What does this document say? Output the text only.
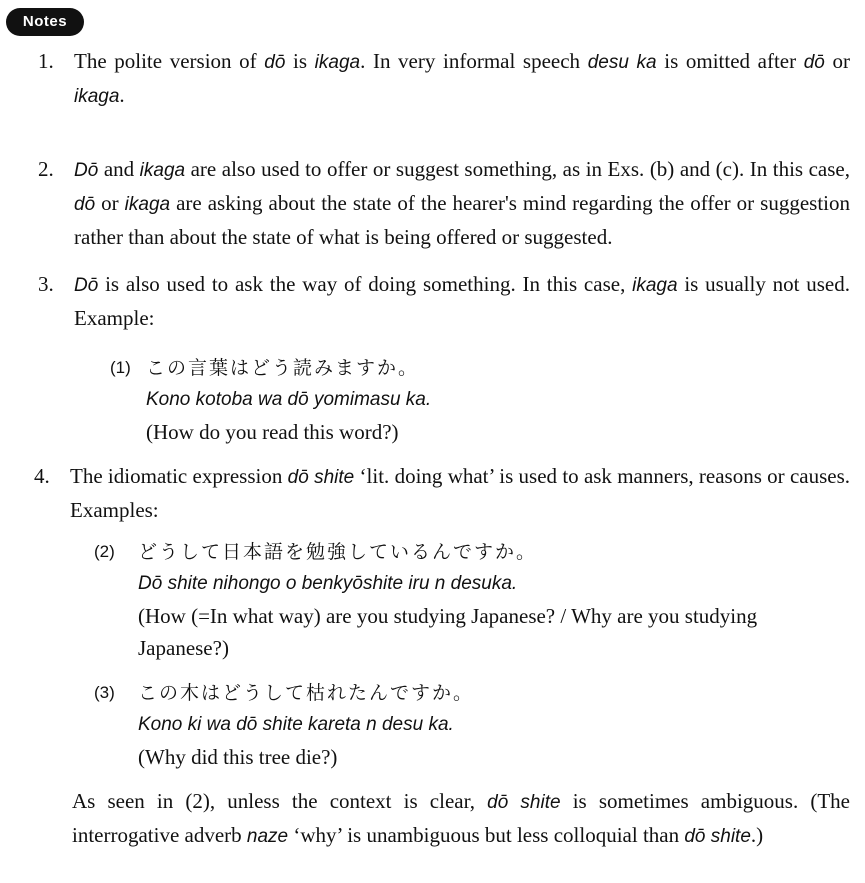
Notes
1. The polite version of dō is ikaga. In very informal speech desu ka is omitted after dō or ikaga.
2. Dō and ikaga are also used to offer or suggest something, as in Exs. (b) and (c). In this case, dō or ikaga are asking about the state of the hearer's mind regarding the offer or suggestion rather than about the state of what is being offered or suggested.
3. Dō is also used to ask the way of doing something. In this case, ikaga is usually not used. Example:
(1) この言葉はどう読みますか。
Kono kotoba wa dō yomimasu ka.
(How do you read this word?)
4. The idiomatic expression dō shite ‘lit. doing what’ is used to ask manners, reasons or causes. Examples:
(2) どうして日本語を勉強しているんですか。
Dō shite nihongo o benkyōshite iru n desuka.
(How (=In what way) are you studying Japanese? / Why are you studying Japanese?)
(3) この木はどうして枯れたんですか。
Kono ki wa dō shite kareta n desu ka.
(Why did this tree die?)
As seen in (2), unless the context is clear, dō shite is sometimes ambiguous. (The interrogative adverb naze ‘why’ is unambiguous but less colloquial than dō shite.)
